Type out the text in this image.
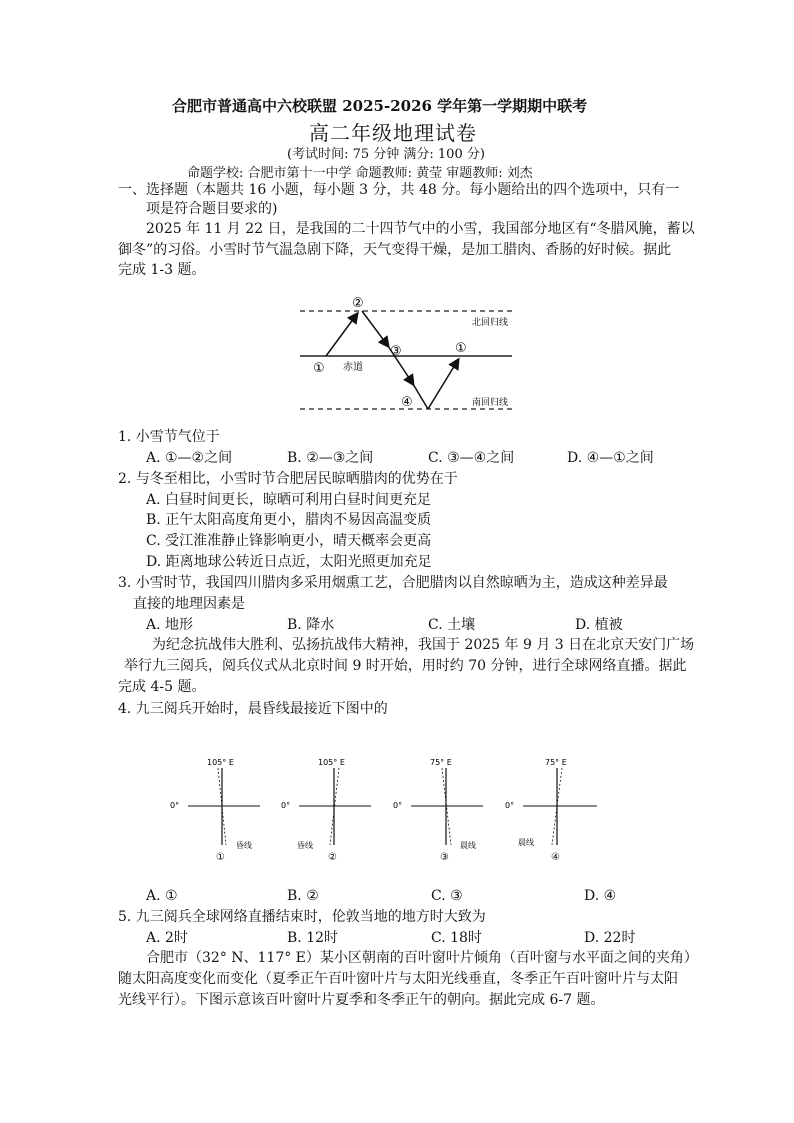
合肥市普通高中六校联盟 2025-2026 学年第一学期期中联考
高二年级地理试卷
(考试时间: 75 分钟 满分: 100 分)
命题学校: 合肥市第十一中学 命题教师: 黄莹 审题教师: 刘杰
一、选择题（本题共 16 小题，每小题 3 分，共 48 分。每小题给出的四个选项中，只有一
项是符合题目要求的)
2025 年 11 月 22 日，是我国的二十四节气中的小雪，我国部分地区有“冬腊风腌，蓄以
御冬”的习俗。小雪时节气温急剧下降，天气变得干燥，是加工腊肉、香肠的好时候。据此
完成 1-3 题。
北回归线
南回归线
赤道
①
②
③
④
①
1. 小雪节气位于
A. ①—②之间	B. ②—③之间	C. ③—④之间	D. ④—①之间
2. 与冬至相比，小雪时节合肥居民晾晒腊肉的优势在于
A. 白昼时间更长，晾晒可利用白昼时间更充足
B. 正午太阳高度角更小，腊肉不易因高温变质
C. 受江淮准静止锋影响更小，晴天概率会更高
D. 距离地球公转近日点近，太阳光照更加充足
3. 小雪时节，我国四川腊肉多采用烟熏工艺，合肥腊肉以自然晾晒为主，造成这种差异最
直接的地理因素是
A. 地形	B. 降水	C. 土壤	D. 植被
为纪念抗战伟大胜利、弘扬抗战伟大精神，我国于 2025 年 9 月 3 日在北京天安门广场
举行九三阅兵，阅兵仪式从北京时间 9 时开始，用时约 70 分钟，进行全球网络直播。据此
完成 4-5 题。
4. 九三阅兵开始时，晨昏线最接近下图中的
105° E
0°
昏线
①
105° E
0°
昏线
②
75° E
0°
晨线
③
75° E
0°
晨线
④
A. ①	B. ②	C. ③	D. ④
5. 九三阅兵全球网络直播结束时，伦敦当地的地方时大致为
A. 2时	B. 12时	C. 18时	D. 22时
合肥市（32° N、117° E）某小区朝南的百叶窗叶片倾角（百叶窗与水平面之间的夹角）
随太阳高度变化而变化（夏季正午百叶窗叶片与太阳光线垂直，冬季正午百叶窗叶片与太阳
光线平行）。下图示意该百叶窗叶片夏季和冬季正午的朝向。据此完成 6-7 题。
